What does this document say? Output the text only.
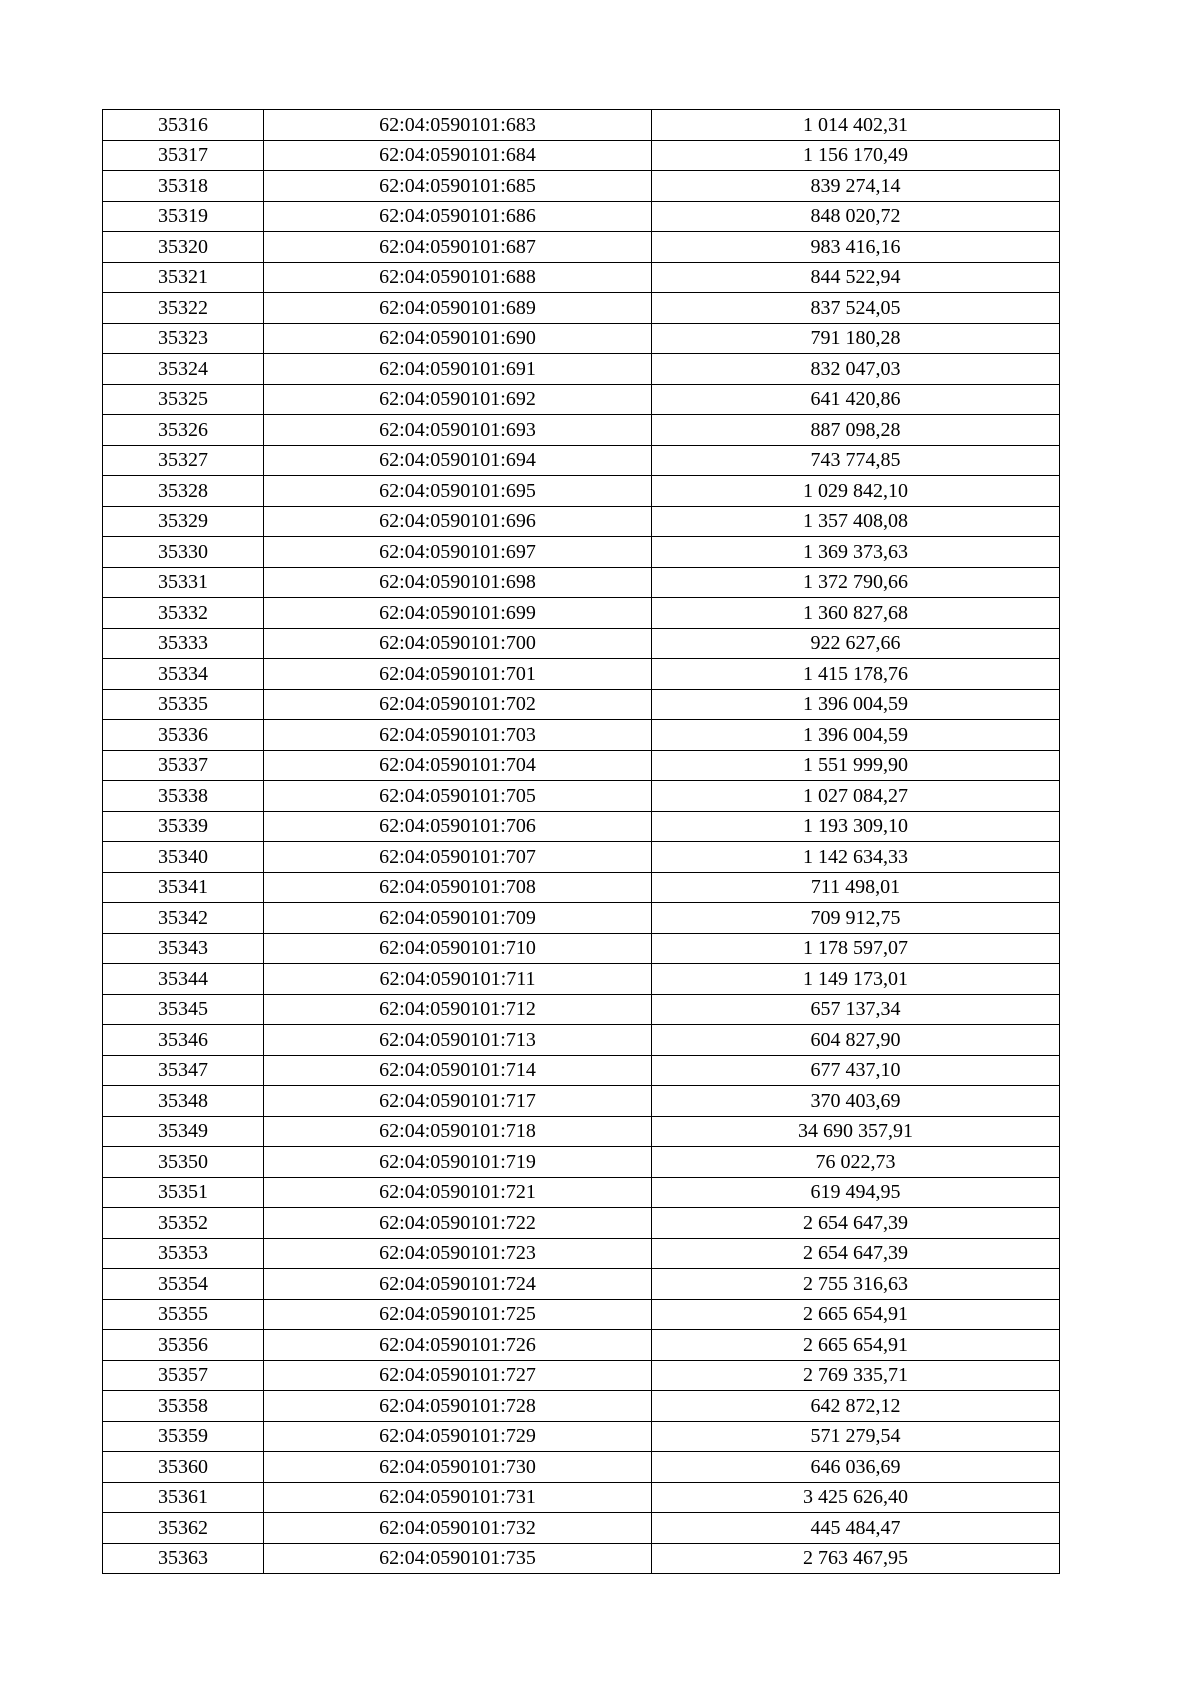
35316	62:04:0590101:683	1 014 402,31
35317	62:04:0590101:684	1 156 170,49
35318	62:04:0590101:685	839 274,14
35319	62:04:0590101:686	848 020,72
35320	62:04:0590101:687	983 416,16
35321	62:04:0590101:688	844 522,94
35322	62:04:0590101:689	837 524,05
35323	62:04:0590101:690	791 180,28
35324	62:04:0590101:691	832 047,03
35325	62:04:0590101:692	641 420,86
35326	62:04:0590101:693	887 098,28
35327	62:04:0590101:694	743 774,85
35328	62:04:0590101:695	1 029 842,10
35329	62:04:0590101:696	1 357 408,08
35330	62:04:0590101:697	1 369 373,63
35331	62:04:0590101:698	1 372 790,66
35332	62:04:0590101:699	1 360 827,68
35333	62:04:0590101:700	922 627,66
35334	62:04:0590101:701	1 415 178,76
35335	62:04:0590101:702	1 396 004,59
35336	62:04:0590101:703	1 396 004,59
35337	62:04:0590101:704	1 551 999,90
35338	62:04:0590101:705	1 027 084,27
35339	62:04:0590101:706	1 193 309,10
35340	62:04:0590101:707	1 142 634,33
35341	62:04:0590101:708	711 498,01
35342	62:04:0590101:709	709 912,75
35343	62:04:0590101:710	1 178 597,07
35344	62:04:0590101:711	1 149 173,01
35345	62:04:0590101:712	657 137,34
35346	62:04:0590101:713	604 827,90
35347	62:04:0590101:714	677 437,10
35348	62:04:0590101:717	370 403,69
35349	62:04:0590101:718	34 690 357,91
35350	62:04:0590101:719	76 022,73
35351	62:04:0590101:721	619 494,95
35352	62:04:0590101:722	2 654 647,39
35353	62:04:0590101:723	2 654 647,39
35354	62:04:0590101:724	2 755 316,63
35355	62:04:0590101:725	2 665 654,91
35356	62:04:0590101:726	2 665 654,91
35357	62:04:0590101:727	2 769 335,71
35358	62:04:0590101:728	642 872,12
35359	62:04:0590101:729	571 279,54
35360	62:04:0590101:730	646 036,69
35361	62:04:0590101:731	3 425 626,40
35362	62:04:0590101:732	445 484,47
35363	62:04:0590101:735	2 763 467,95
